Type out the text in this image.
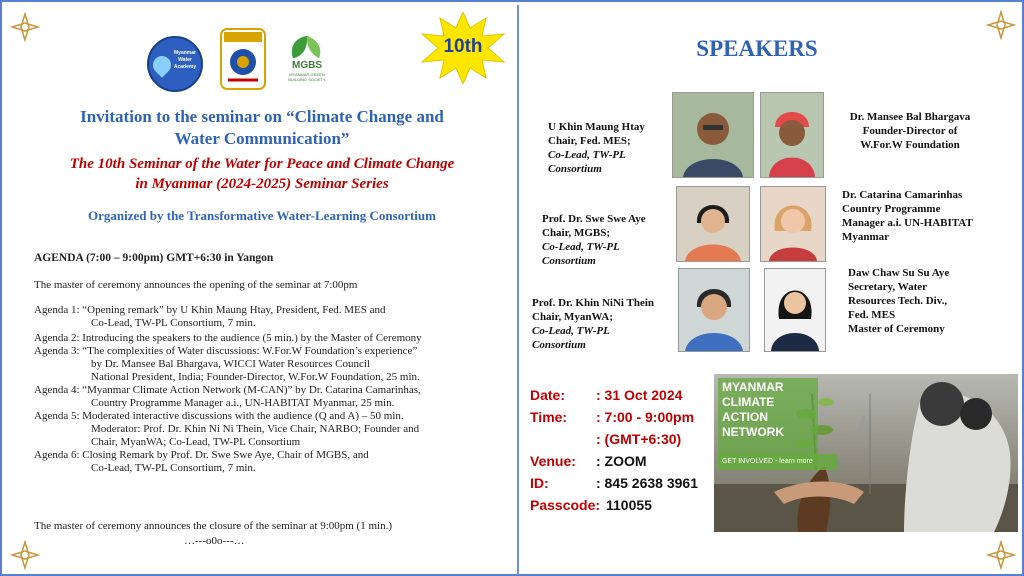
Myanmar Water Academy	MGBS
MYANMAR GREEN BUILDING SOCIETY
10th
Invitation to the seminar on “Climate Change and
Water Communication”
The 10th Seminar of the Water for Peace and Climate Change
in Myanmar (2024-2025) Seminar Series
Organized by the Transformative Water-Learning Consortium
AGENDA (7:00 – 9:00pm) GMT+6:30 in Yangon
The master of ceremony announces the opening of the seminar at 7:00pm
Agenda 1: “Opening remark” by U Khin Maung Htay, President, Fed. MES and
Co-Lead, TW-PL Consortium, 7 min.
Agenda 2: Introducing the speakers to the audience (5 min.) by the Master of Ceremony
Agenda 3: “The complexities of Water discussions: W.For.W Foundation’s experience”
by Dr. Mansee Bal Bhargava, WICCI Water Resources Council
National President, India; Founder-Director, W.For.W Foundation, 25 min.
Agenda 4: “Myanmar Climate Action Network (M-CAN)” by Dr. Catarina Camarinhas,
Country Programme Manager a.i., UN-HABITAT Myanmar, 25 min.
Agenda 5: Moderated interactive discussions with the audience (Q and A) – 50 min.
Moderator: Prof. Dr. Khin Ni Ni Thein, Vice Chair, NARBO; Founder and
Chair, MyanWA; Co-Lead, TW-PL Consortium
Agenda 6: Closing Remark by Prof. Dr. Swe Swe Aye, Chair of MGBS, and
Co-Lead, TW-PL Consortium, 7 min.
The master of ceremony announces the closure of the seminar at 9:00pm (1 min.)
…---o0o---…
SPEAKERS
U Khin Maung Htay
Chair, Fed. MES;
Co-Lead, TW-PL
Consortium
Dr. Mansee Bal Bhargava
Founder-Director of
W.For.W Foundation
Prof. Dr. Swe Swe Aye
Chair, MGBS;
Co-Lead, TW-PL
Consortium
Dr. Catarina Camarinhas
Country Programme
Manager a.i. UN-HABITAT
Myanmar
Prof. Dr. Khin NiNi Thein
Chair, MyanWA;
Co-Lead, TW-PL
Consortium
Daw Chaw Su Su Aye
Secretary, Water
Resources Tech. Div.,
Fed. MES
Master of Ceremony
Date:	: 31 Oct 2024
Time:	: 7:00 - 9:00pm
: (GMT+6:30)
Venue:	: ZOOM
ID:	: 845 2638 3961
Passcode: 110055
MYANMAR
CLIMATE
ACTION
NETWORK
GET INVOLVED - learn more
